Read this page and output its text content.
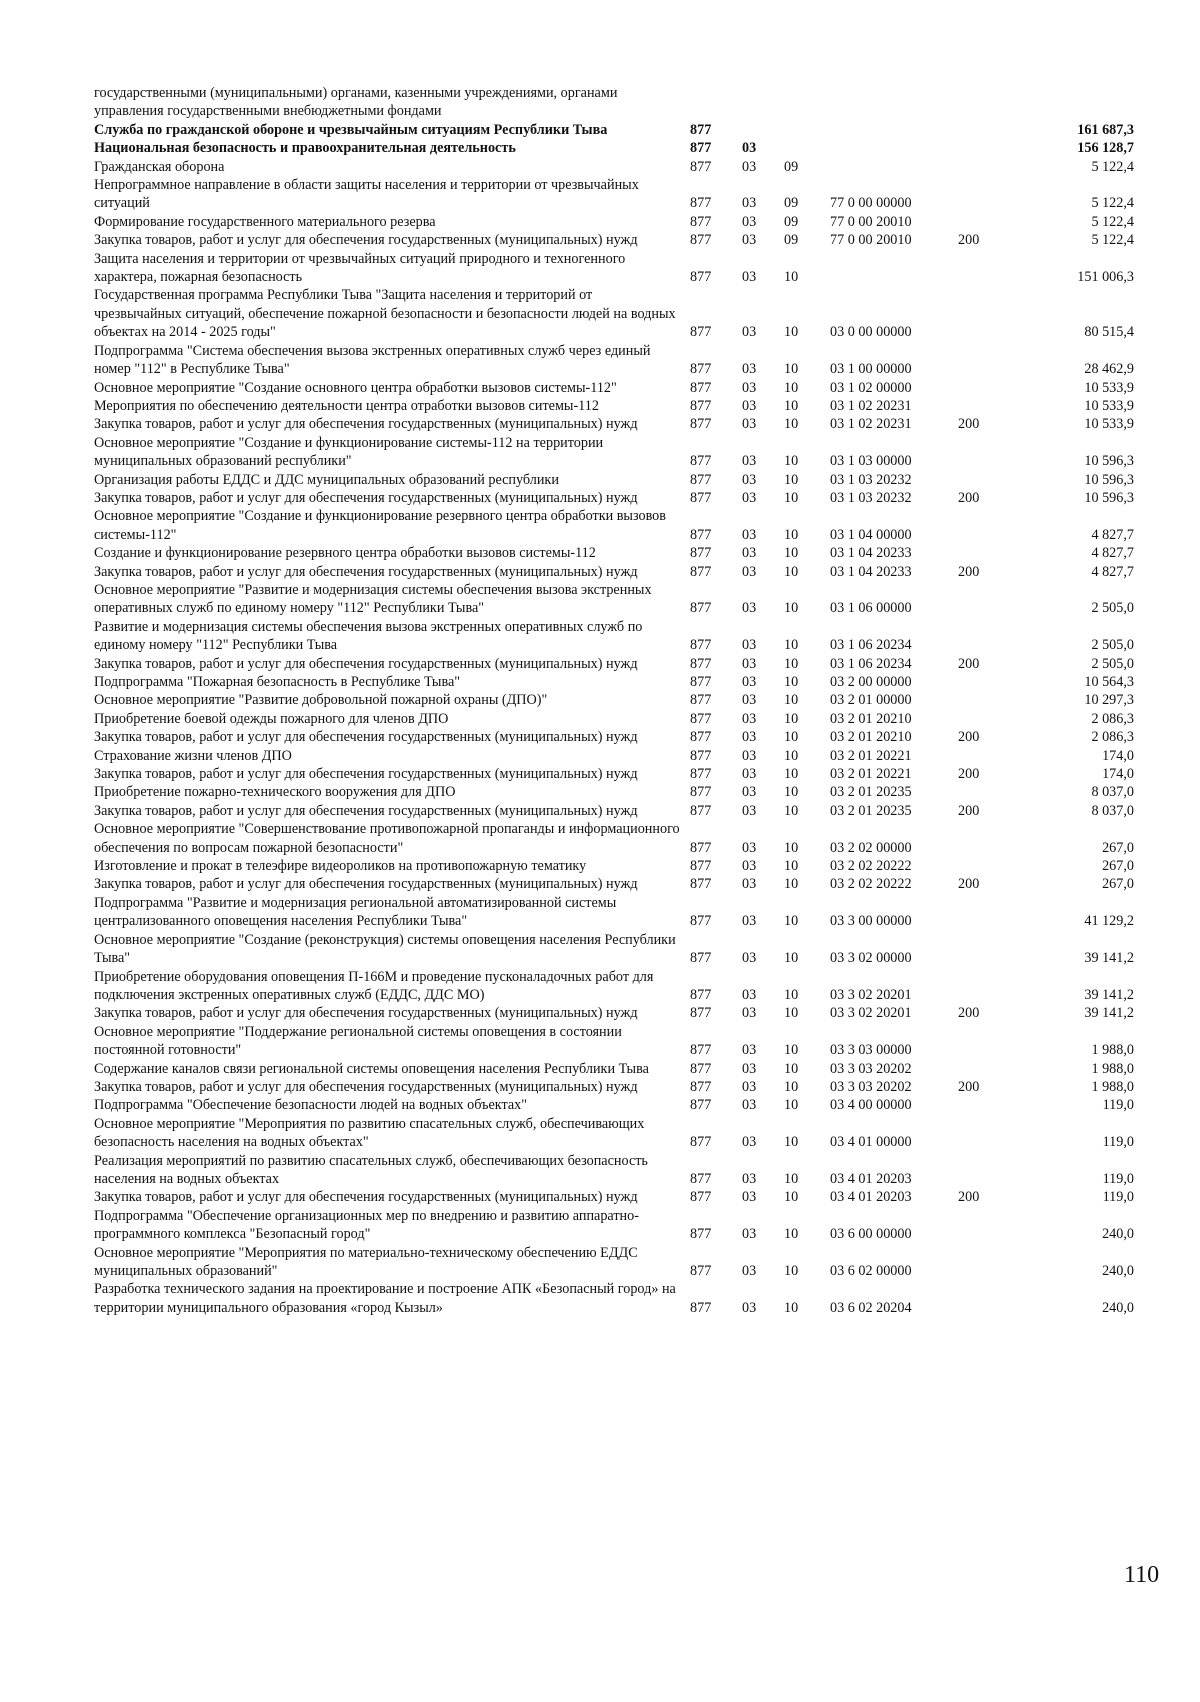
государственными (муниципальными) органами, казенными учреждениями, органами управления государственными внебюджетными фондами						
Служба по гражданской обороне и чрезвычайным ситуациям Республики Тыва	877					161 687,3
Национальная безопасность и правоохранительная деятельность	877	03				156 128,7
Гражданская оборона	877	03	09			5 122,4
Непрограммное направление в области защиты населения и территории от чрезвычайных ситуаций	877	03	09	77 0 00 00000		5 122,4
Формирование государственного материального резерва	877	03	09	77 0 00 20010		5 122,4
Закупка товаров, работ и услуг для обеспечения государственных (муниципальных) нужд	877	03	09	77 0 00 20010	200	5 122,4
Защита населения и территории от чрезвычайных ситуаций природного и техногенного характера, пожарная безопасность	877	03	10			151 006,3
Государственная программа Республики Тыва "Защита населения и территорий от чрезвычайных ситуаций, обеспечение пожарной безопасности и безопасности людей на водных объектах на 2014 - 2025 годы"	877	03	10	03 0 00 00000		80 515,4
Подпрограмма "Система обеспечения вызова экстренных оперативных служб через единый номер "112" в Республике Тыва"	877	03	10	03 1 00 00000		28 462,9
Основное мероприятие "Создание основного центра обработки вызовов системы-112"	877	03	10	03 1 02 00000		10 533,9
Мероприятия по обеспечению деятельности центра отработки вызовов ситемы-112	877	03	10	03 1 02 20231		10 533,9
Закупка товаров, работ и услуг для обеспечения государственных (муниципальных) нужд	877	03	10	03 1 02 20231	200	10 533,9
Основное мероприятие "Создание и функционирование системы-112 на территории муниципальных образований республики"	877	03	10	03 1 03 00000		10 596,3
Организация работы ЕДДС и ДДС муниципальных образований республики	877	03	10	03 1 03 20232		10 596,3
Закупка товаров, работ и услуг для обеспечения государственных (муниципальных) нужд	877	03	10	03 1 03 20232	200	10 596,3
Основное мероприятие "Создание и функционирование резервного центра обработки вызовов системы-112"	877	03	10	03 1 04 00000		4 827,7
Создание и функционирование резервного центра обработки вызовов системы-112	877	03	10	03 1 04 20233		4 827,7
Закупка товаров, работ и услуг для обеспечения государственных (муниципальных) нужд	877	03	10	03 1 04 20233	200	4 827,7
Основное мероприятие "Развитие и модернизация системы обеспечения вызова экстренных оперативных служб по единому номеру "112" Республики Тыва"	877	03	10	03 1 06 00000		2 505,0
Развитие и модернизация системы обеспечения вызова экстренных оперативных служб по единому номеру "112" Республики Тыва	877	03	10	03 1 06 20234		2 505,0
Закупка товаров, работ и услуг для обеспечения государственных (муниципальных) нужд	877	03	10	03 1 06 20234	200	2 505,0
Подпрограмма "Пожарная безопасность в Республике Тыва"	877	03	10	03 2 00 00000		10 564,3
Основное мероприятие "Развитие добровольной пожарной охраны (ДПО)"	877	03	10	03 2 01 00000		10 297,3
Приобретение боевой одежды пожарного для членов ДПО	877	03	10	03 2 01 20210		2 086,3
Закупка товаров, работ и услуг для обеспечения государственных (муниципальных) нужд	877	03	10	03 2 01 20210	200	2 086,3
Страхование жизни членов ДПО	877	03	10	03 2 01 20221		174,0
Закупка товаров, работ и услуг для обеспечения государственных (муниципальных) нужд	877	03	10	03 2 01 20221	200	174,0
Приобретение пожарно-технического вооружения для ДПО	877	03	10	03 2 01 20235		8 037,0
Закупка товаров, работ и услуг для обеспечения государственных (муниципальных) нужд	877	03	10	03 2 01 20235	200	8 037,0
Основное мероприятие "Совершенствование противопожарной пропаганды и информационного обеспечения по вопросам пожарной безопасности"	877	03	10	03 2 02 00000		267,0
Изготовление и прокат в телеэфире видеороликов на противопожарную тематику	877	03	10	03 2 02 20222		267,0
Закупка товаров, работ и услуг для обеспечения государственных (муниципальных) нужд	877	03	10	03 2 02 20222	200	267,0
Подпрограмма "Развитие и модернизация региональной автоматизированной системы централизованного оповещения населения Республики Тыва"	877	03	10	03 3 00 00000		41 129,2
Основное мероприятие "Создание (реконструкция) системы оповещения населения Республики Тыва"	877	03	10	03 3 02 00000		39 141,2
Приобретение оборудования оповещения П-166М и проведение пусконаладочных работ для подключения экстренных оперативных служб (ЕДДС, ДДС МО)	877	03	10	03 3 02 20201		39 141,2
Закупка товаров, работ и услуг для обеспечения государственных (муниципальных) нужд	877	03	10	03 3 02 20201	200	39 141,2
Основное мероприятие "Поддержание региональной системы оповещения в состоянии постоянной готовности"	877	03	10	03 3 03 00000		1 988,0
Содержание каналов связи региональной системы оповещения населения Республики Тыва	877	03	10	03 3 03 20202		1 988,0
Закупка товаров, работ и услуг для обеспечения государственных (муниципальных) нужд	877	03	10	03 3 03 20202	200	1 988,0
Подпрограмма "Обеспечение безопасности людей на водных объектах"	877	03	10	03 4 00 00000		119,0
Основное мероприятие "Мероприятия по развитию спасательных служб, обеспечивающих безопасность населения на водных объектах"	877	03	10	03 4 01 00000		119,0
Реализация мероприятий по развитию спасательных служб, обеспечивающих безопасность населения на водных объектах	877	03	10	03 4 01 20203		119,0
Закупка товаров, работ и услуг для обеспечения государственных (муниципальных) нужд	877	03	10	03 4 01 20203	200	119,0
Подпрограмма "Обеспечение организационных мер по внедрению и развитию аппаратно-программного комплекса "Безопасный город"	877	03	10	03 6 00 00000		240,0
Основное мероприятие "Мероприятия по материально-техническому обеспечению ЕДДС муниципальных образований"	877	03	10	03 6 02 00000		240,0
Разработка технического задания на проектирование и построение АПК «Безопасный город» на территории муниципального образования «город Кызыл»	877	03	10	03 6 02 20204		240,0
110
